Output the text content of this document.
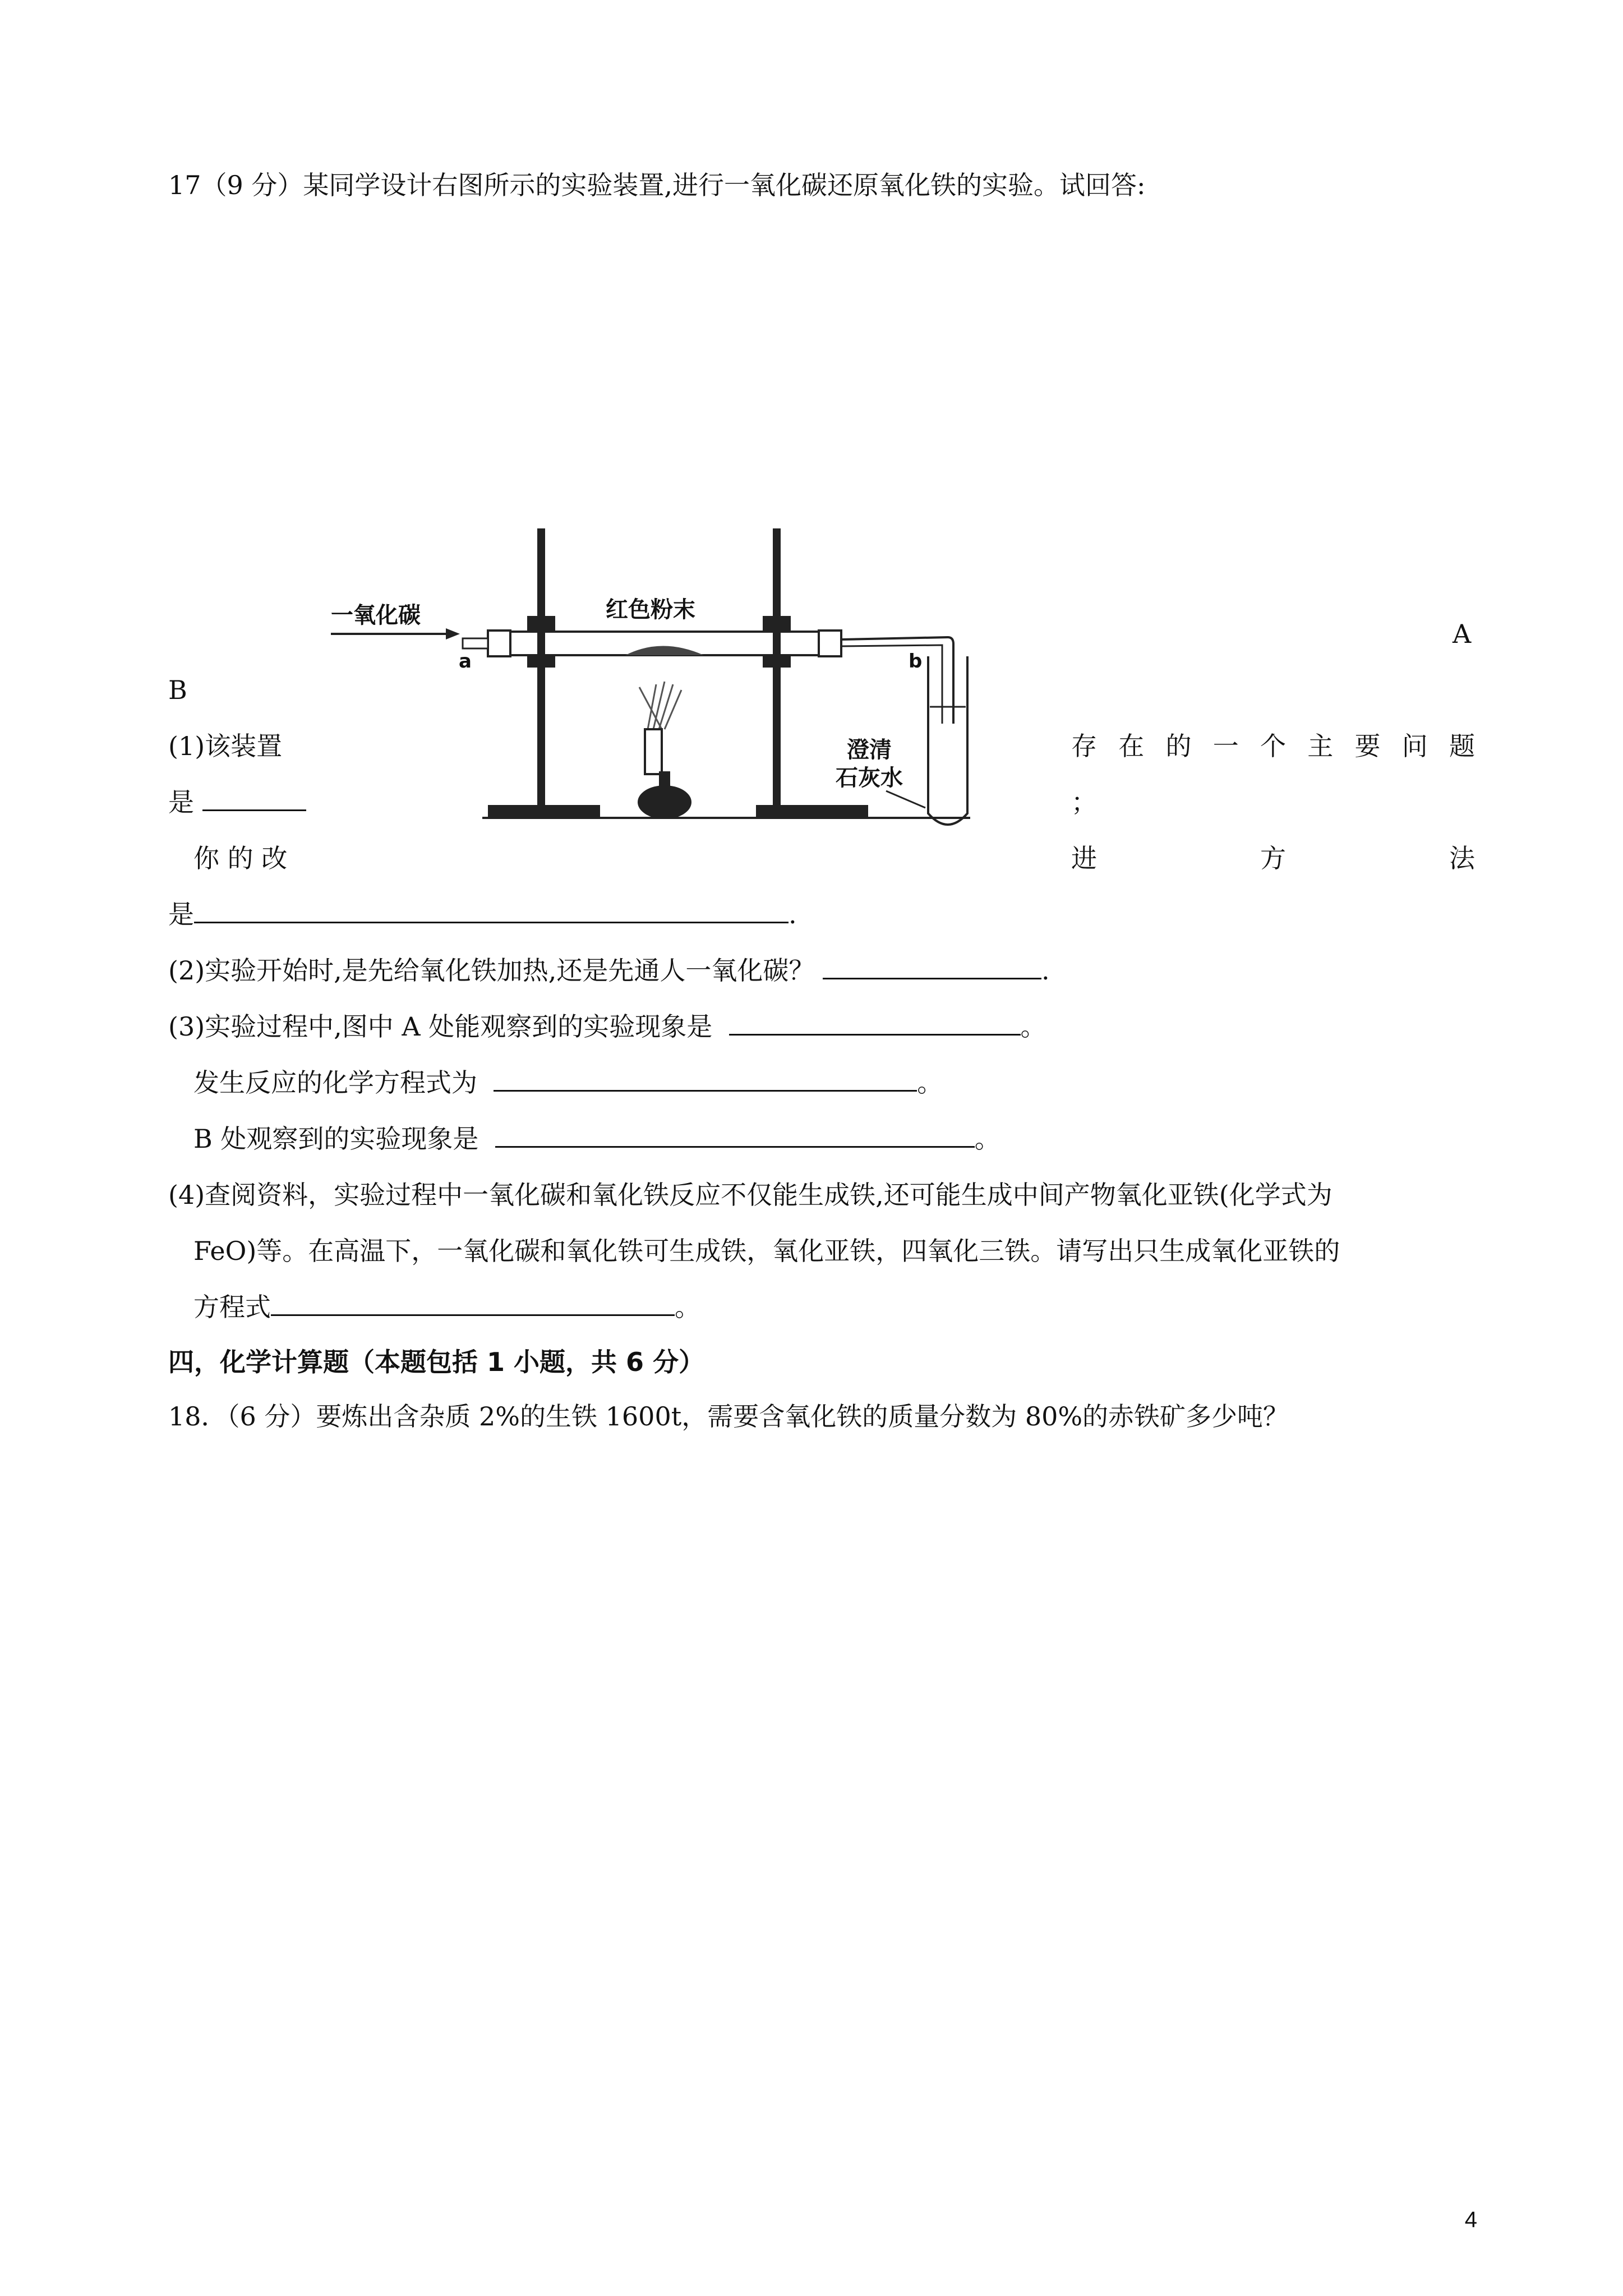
17（9 分）某同学设计右图所示的实验装置,进行一氧化碳还原氧化铁的实验。试回答:
一氧化碳	红色粉末
a	b
澄清
石灰水
A
B
(1)该装置	存 在 的 一 个 主 要 问 题
是	；
你 的 改	进	方	法
是	.
(2)实验开始时,是先给氧化铁加热,还是先通人一氧化碳？	.
(3)实验过程中,图中 A 处能观察到的实验现象是	。
发生反应的化学方程式为	。
B 处观察到的实验现象是	。
(4)查阅资料，实验过程中一氧化碳和氧化铁反应不仅能生成铁,还可能生成中间产物氧化亚铁(化学式为
FeO)等。在高温下，一氧化碳和氧化铁可生成铁，氧化亚铁，四氧化三铁。请写出只生成氧化亚铁的
方程式	。
四，化学计算题（本题包括 1 小题，共 6 分）
18．（6 分）要炼出含杂质 2%的生铁 1600t，需要含氧化铁的质量分数为 80%的赤铁矿多少吨？
4
